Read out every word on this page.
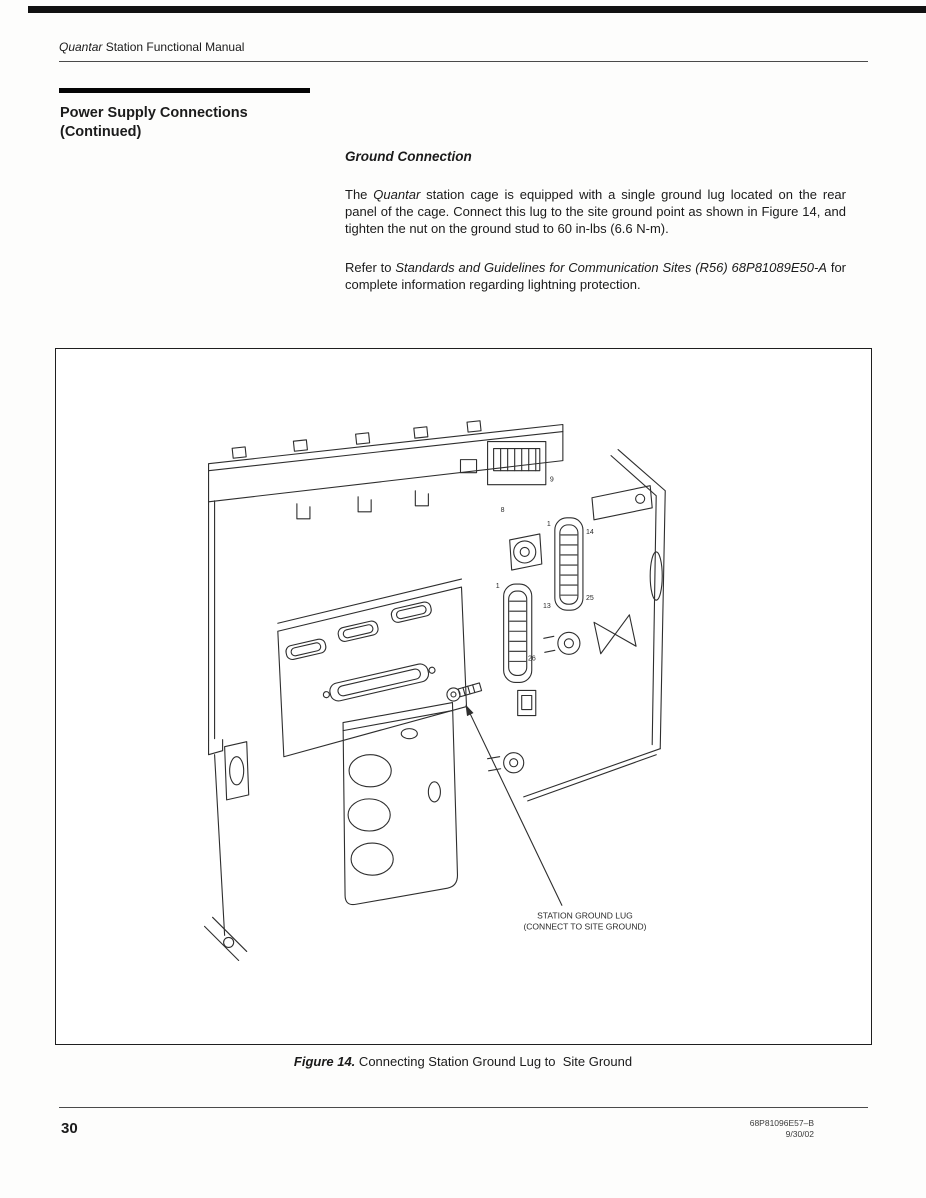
Quantar Station Functional Manual
Power Supply Connections
(Continued)

Ground Connection

The Quantar station cage is equipped with a single ground lug located on the rear panel of the cage. Connect this lug to the site ground point as shown in Figure 14, and tighten the nut on the ground stud to 60 in-lbs (6.6 N-m).

Refer to Standards and Guidelines for Communication Sites (R56) 68P81089E50-A for complete information regarding lightning protection.

8
9
1
14
13
25
26
1
STATION GROUND LUG
(CONNECT TO SITE GROUND)
Figure 14. Connecting Station Ground Lug to  Site Ground
30	68P81096E57–B
9/30/02
